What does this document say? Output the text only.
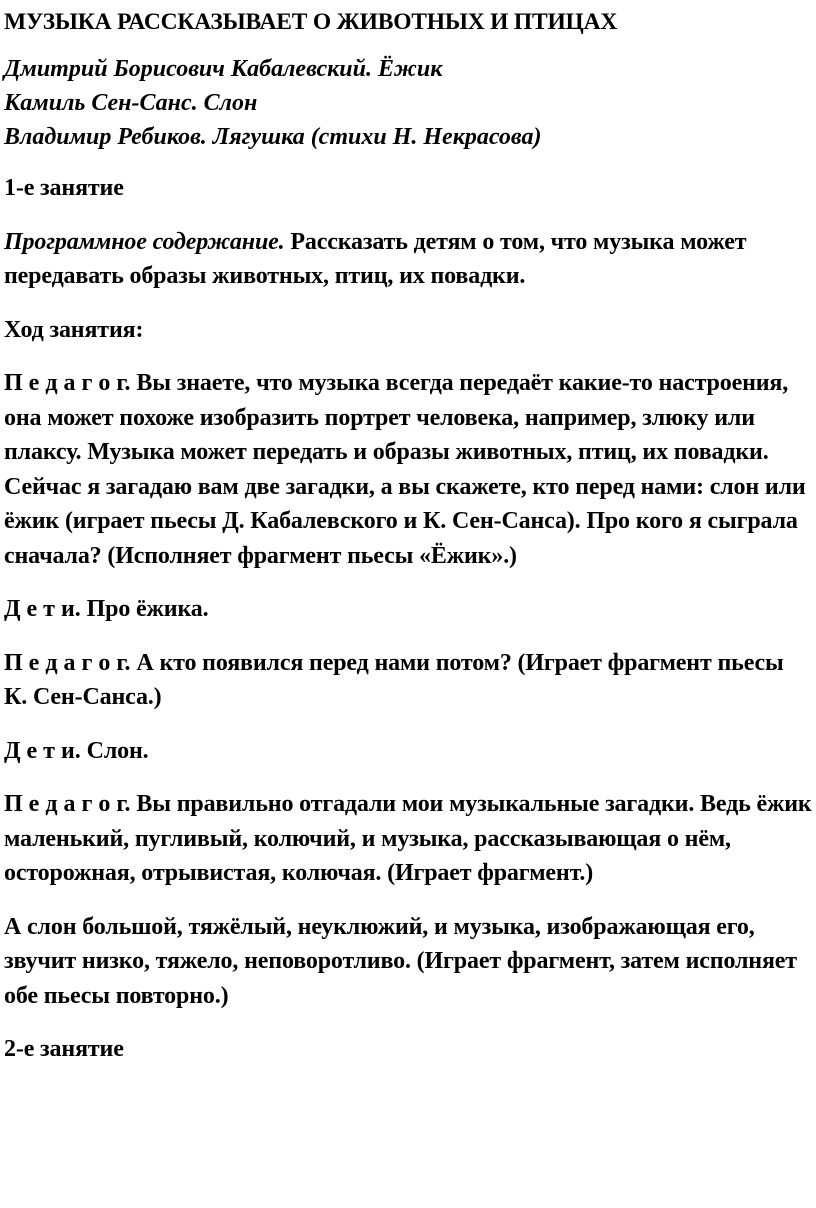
МУЗЫКА РАССКАЗЫВАЕТ О ЖИВОТНЫХ И ПТИЦАХ
Дмитрий Борисович Кабалевский. Ёжик
Камиль Сен-Санс. Слон
Владимир Ребиков. Лягушка (стихи Н. Некрасова)

1-е занятие

Программное содержание. Рассказать детям о том, что музыка может передавать образы животных, птиц, их повадки.

Ход занятия:

П е д а г о г. Вы знаете, что музыка всегда передаёт какие-то настроения, она может похоже изобразить портрет человека, например, злюку или плаксу. Музыка может передать и образы животных, птиц, их повадки. Сейчас я загадаю вам две загадки, а вы скажете, кто перед нами: слон или ёжик (играет пьесы Д. Кабалевского и К. Сен-Санса). Про кого я сыграла сначала? (Исполняет фрагмент пьесы «Ёжик».)

Д е т и. Про ёжика.

П е д а г о г. А кто появился перед нами потом? (Играет фрагмент пьесы К. Сен-Санса.)

Д е т и. Слон.

П е д а г о г. Вы правильно отгадали мои музыкальные загадки. Ведь ёжик маленький, пугливый, колючий, и музыка, рассказывающая о нём, осторожная, отрывистая, колючая. (Играет фрагмент.)

А слон большой, тяжёлый, неуклюжий, и музыка, изображающая его, звучит низко, тяжело, неповоротливо. (Играет фрагмент, затем исполняет обе пьесы повторно.)

2-е занятие
